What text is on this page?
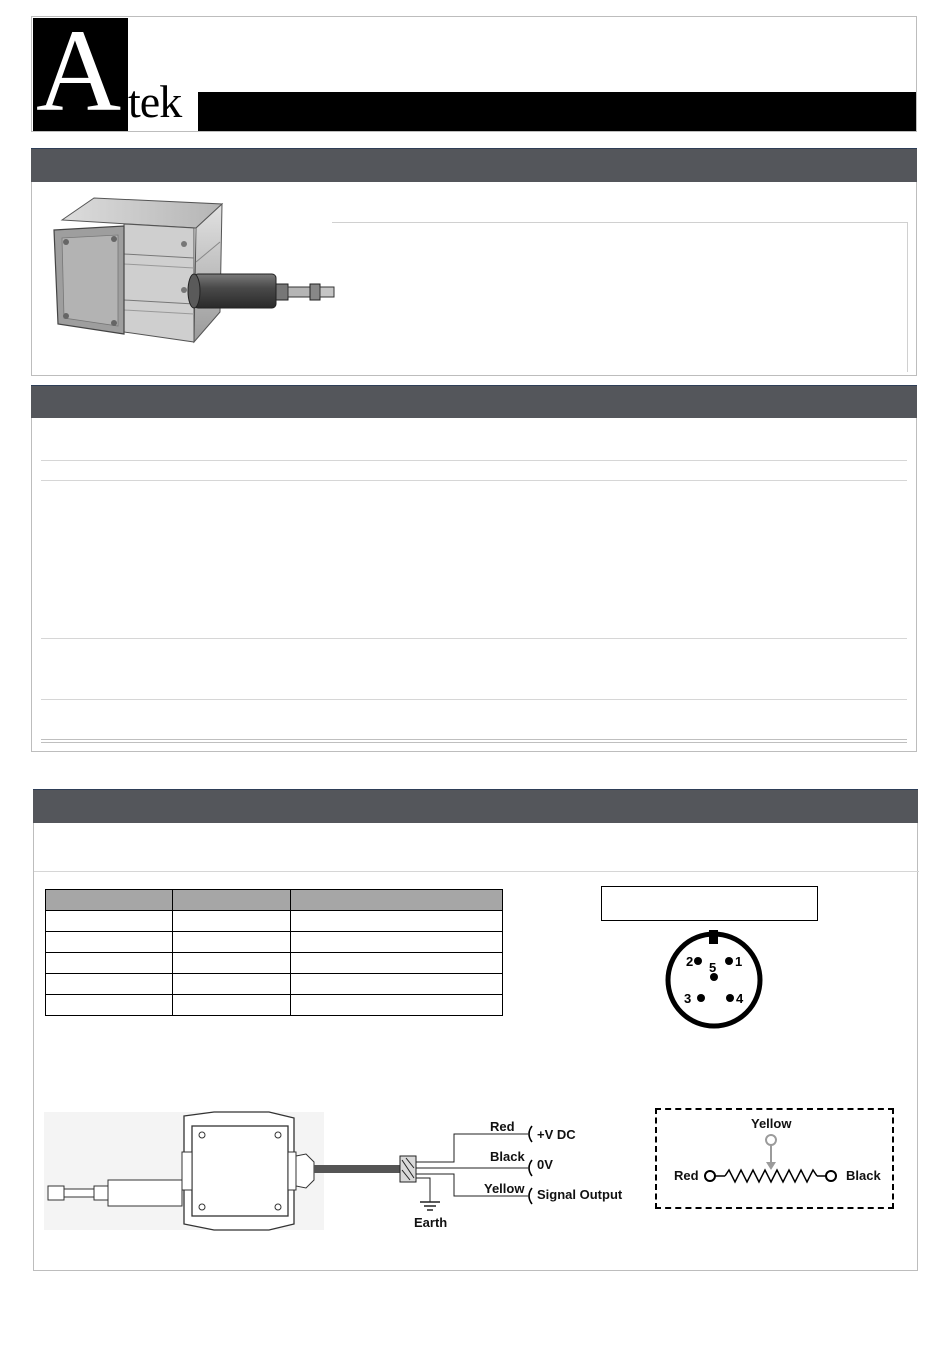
A tek

2	1
5
3	4
Red
Black
Yellow
+V DC
0V
Signal Output
Earth
Yellow
Red	Black
